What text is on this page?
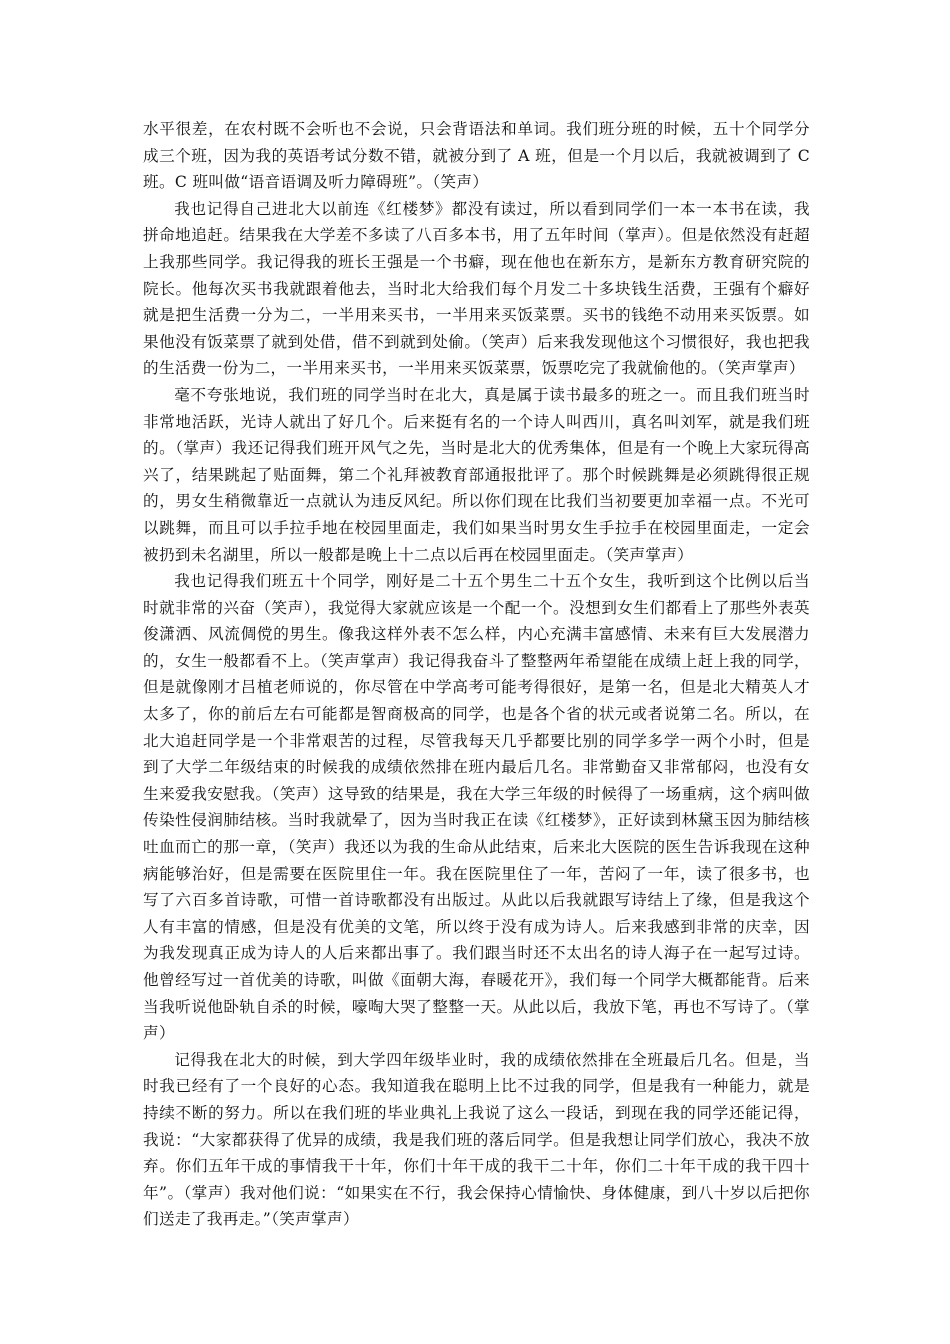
水平很差，在农村既不会听也不会说，只会背语法和单词。我们班分班的时候，五十个同学分成三个班，因为我的英语考试分数不错，就被分到了 A 班，但是一个月以后，我就被调到了 C 班。C 班叫做“语音语调及听力障碍班”。（笑声）

我也记得自己进北大以前连《红楼梦》都没有读过，所以看到同学们一本一本书在读，我拼命地追赶。结果我在大学差不多读了八百多本书，用了五年时间（掌声）。但是依然没有赶超上我那些同学。我记得我的班长王强是一个书癖，现在他也在新东方，是新东方教育研究院的院长。他每次买书我就跟着他去，当时北大给我们每个月发二十多块钱生活费，王强有个癖好就是把生活费一分为二，一半用来买书，一半用来买饭菜票。买书的钱绝不动用来买饭票。如果他没有饭菜票了就到处借，借不到就到处偷。（笑声）后来我发现他这个习惯很好，我也把我的生活费一份为二，一半用来买书，一半用来买饭菜票，饭票吃完了我就偷他的。（笑声掌声）

毫不夸张地说，我们班的同学当时在北大，真是属于读书最多的班之一。而且我们班当时非常地活跃，光诗人就出了好几个。后来挺有名的一个诗人叫西川，真名叫刘军，就是我们班的。（掌声）我还记得我们班开风气之先，当时是北大的优秀集体，但是有一个晚上大家玩得高兴了，结果跳起了贴面舞，第二个礼拜被教育部通报批评了。那个时候跳舞是必须跳得很正规的，男女生稍微靠近一点就认为违反风纪。所以你们现在比我们当初要更加幸福一点。不光可以跳舞，而且可以手拉手地在校园里面走，我们如果当时男女生手拉手在校园里面走，一定会被扔到未名湖里，所以一般都是晚上十二点以后再在校园里面走。（笑声掌声）

我也记得我们班五十个同学，刚好是二十五个男生二十五个女生，我听到这个比例以后当时就非常的兴奋（笑声），我觉得大家就应该是一个配一个。没想到女生们都看上了那些外表英俊潇洒、风流倜傥的男生。像我这样外表不怎么样，内心充满丰富感情、未来有巨大发展潜力的，女生一般都看不上。（笑声掌声）我记得我奋斗了整整两年希望能在成绩上赶上我的同学，但是就像刚才吕植老师说的，你尽管在中学高考可能考得很好，是第一名，但是北大精英人才太多了，你的前后左右可能都是智商极高的同学，也是各个省的状元或者说第二名。所以，在北大追赶同学是一个非常艰苦的过程，尽管我每天几乎都要比别的同学多学一两个小时，但是到了大学二年级结束的时候我的成绩依然排在班内最后几名。非常勤奋又非常郁闷，也没有女生来爱我安慰我。（笑声）这导致的结果是，我在大学三年级的时候得了一场重病，这个病叫做传染性侵润肺结核。当时我就晕了，因为当时我正在读《红楼梦》，正好读到林黛玉因为肺结核吐血而亡的那一章，（笑声）我还以为我的生命从此结束，后来北大医院的医生告诉我现在这种病能够治好，但是需要在医院里住一年。我在医院里住了一年，苦闷了一年，读了很多书，也写了六百多首诗歌，可惜一首诗歌都没有出版过。从此以后我就跟写诗结上了缘，但是我这个人有丰富的情感，但是没有优美的文笔，所以终于没有成为诗人。后来我感到非常的庆幸，因为我发现真正成为诗人的人后来都出事了。我们跟当时还不太出名的诗人海子在一起写过诗。他曾经写过一首优美的诗歌，叫做《面朝大海，春暖花开》，我们每一个同学大概都能背。后来当我听说他卧轨自杀的时候，嚎啕大哭了整整一天。从此以后，我放下笔，再也不写诗了。（掌声）

记得我在北大的时候，到大学四年级毕业时，我的成绩依然排在全班最后几名。但是，当时我已经有了一个良好的心态。我知道我在聪明上比不过我的同学，但是我有一种能力，就是持续不断的努力。所以在我们班的毕业典礼上我说了这么一段话，到现在我的同学还能记得，我说：“大家都获得了优异的成绩，我是我们班的落后同学。但是我想让同学们放心，我决不放弃。你们五年干成的事情我干十年，你们十年干成的我干二十年，你们二十年干成的我干四十年”。（掌声）我对他们说：“如果实在不行，我会保持心情愉快、身体健康，到八十岁以后把你们送走了我再走。”（笑声掌声）
